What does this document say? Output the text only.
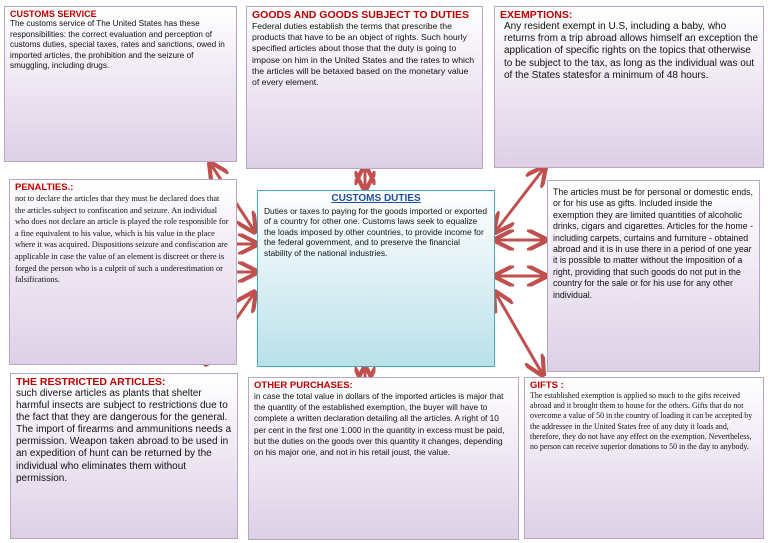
CUSTOMS SERVICE
The customs service of The United States has these responsibilities: the correct evaluation and perception of customs duties, special taxes, rates and sanctions, owed in imported articles, the prohibition and the seizure of smuggling, including drugs.
GOODS AND GOODS SUBJECT TO DUTIES
Federal duties establish the terms that prescribe the products that have to be an object of rights. Such hourly specified articles about those that the duty is going to impose on him in the United States and the rates to which the articles will be betaxed based on the monetary value of every element.
EXEMPTIONS:
Any resident exempt in U.S, including a baby, who returns from a trip abroad allows himself an exception the application of specific rights on the topics that otherwise to be subject to the tax, as long as the individual was out of the States statesfor a minimum of 48 hours.
PENALTIES.:
not to declare the articles that they must be declared does that the articles subject to confiscation and seizure. An individual who does not declare an article is played the role responsible for a fine equivalent to his value, which is his value in the place where it was acquired. Dispositions seizure and confiscation are applicable in case the value of an element is discreet or there is forged the person who is a culprit of such a underestimation or falsifications.
CUSTOMS DUTIES
Duties or taxes to paying for the goods imported or exported of a country for other one. Customs laws seek to equalize the loads imposed by other countries, to provide income for the federal government, and to preserve the financial stability of the national industries.
The articles must be for personal or domestic ends, or for his use as gifts. Included inside the exemption they are limited quantities of alcoholic drinks, cigars and cigarettes. Articles for the home - including carpets, curtains and furniture - obtained abroad and it is in use there in a period of one year it is possible to matter without the imposition of a right, providing that such goods do not put in the country for the sale or for his use for any other individual.
THE RESTRICTED ARTICLES:
such diverse articles as plants that shelter harmful insects are subject to restrictions due to the fact that they are dangerous for the general. The import of firearms and ammunitions needs a permission. Weapon taken abroad to be used in an expedition of hunt can be returned by the individual who eliminates them without permission.
OTHER PURCHASES:
in case the total value in dollars of the imported articles is major that the quantity of the established exemption, the buyer will have to complete a written declaration detailing all the articles. A right of 10 per cent in the first one 1.000 in the quantity in excess must be paid, but the duties on the goods over this quantity it changes, depending on his major one, and not in his retail joust, the value.
GIFTS :
The established exemption is applied so much to the gifts received abroad and it brought them to house for the others. Gifts that do not overcome a value of 50 in the country of loading it can be accepted by the addressee in the United States free of any duty it loads and, therefore, they do not have any effect on the exemption. Nevertheless, no person can receive superior donations to 50 in the day to anybody.
